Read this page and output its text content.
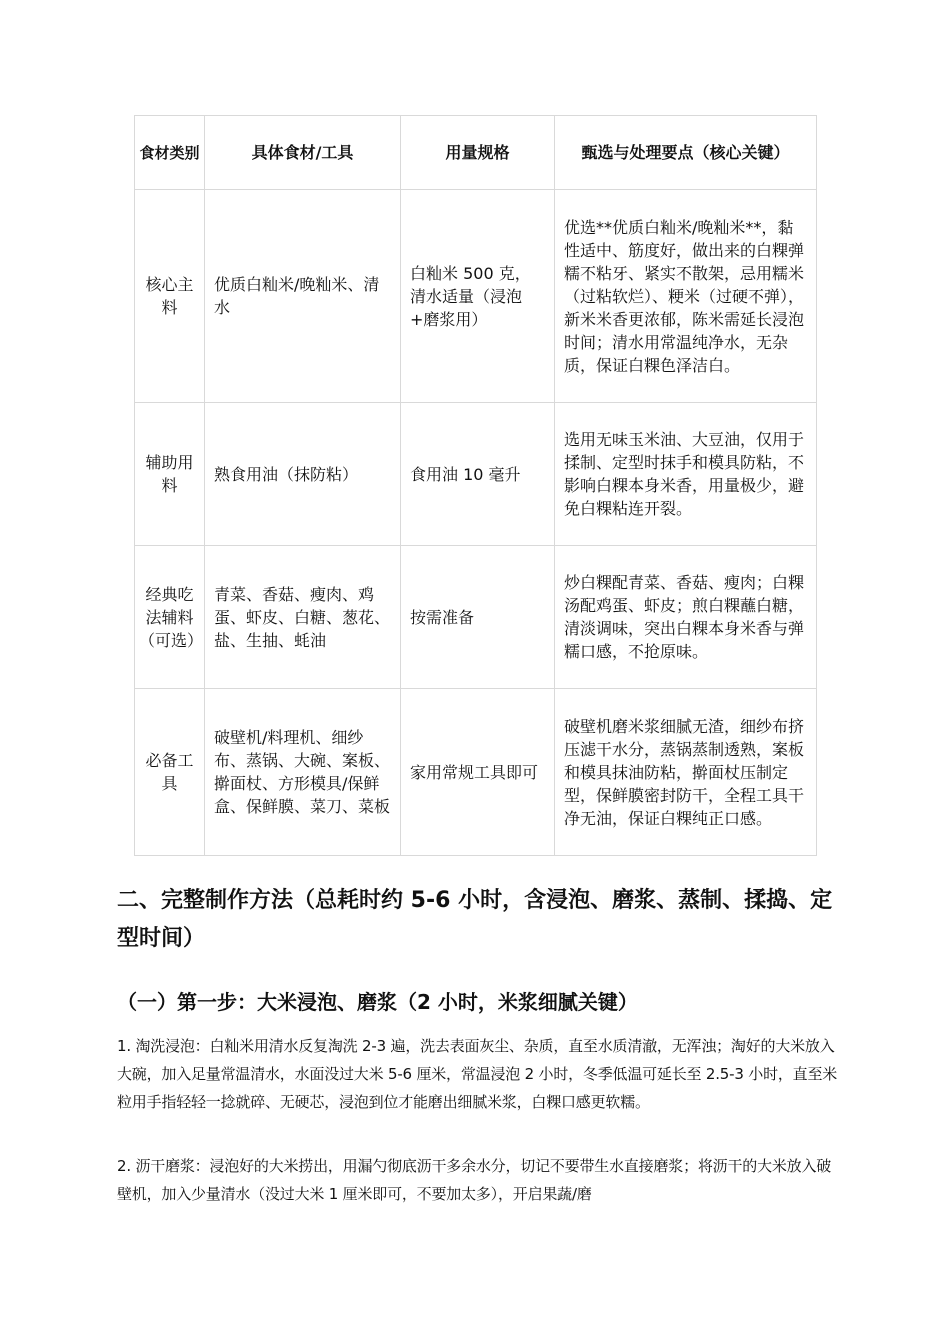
食材类别	具体食材/工具	用量规格	甄选与处理要点（核心关键）
核心主料	优质白籼米/晚籼米、清水	白籼米 500 克，清水适量（浸泡+磨浆用）	优选**优质白籼米/晚籼米**，黏性适中、筋度好，做出来的白粿弹糯不粘牙、紧实不散架，忌用糯米（过粘软烂）、粳米（过硬不弹），新米米香更浓郁，陈米需延长浸泡时间；清水用常温纯净水，无杂质，保证白粿色泽洁白。
辅助用料	熟食用油（抹防粘）	食用油 10 毫升	选用无味玉米油、大豆油，仅用于揉制、定型时抹手和模具防粘，不影响白粿本身米香，用量极少，避免白粿粘连开裂。
经典吃法辅料（可选）	青菜、香菇、瘦肉、鸡蛋、虾皮、白糖、葱花、盐、生抽、蚝油	按需准备	炒白粿配青菜、香菇、瘦肉；白粿汤配鸡蛋、虾皮；煎白粿蘸白糖，清淡调味，突出白粿本身米香与弹糯口感，不抢原味。
必备工具	破壁机/料理机、细纱布、蒸锅、大碗、案板、擀面杖、方形模具/保鲜盒、保鲜膜、菜刀、菜板	家用常规工具即可	破壁机磨米浆细腻无渣，细纱布挤压滤干水分，蒸锅蒸制透熟，案板和模具抹油防粘，擀面杖压制定型，保鲜膜密封防干，全程工具干净无油，保证白粿纯正口感。
二、完整制作方法（总耗时约 5-6 小时，含浸泡、磨浆、蒸制、揉捣、定型时间）
（一）第一步：大米浸泡、磨浆（2 小时，米浆细腻关键）

1. 淘洗浸泡：白籼米用清水反复淘洗 2-3 遍，洗去表面灰尘、杂质，直至水质清澈，无浑浊；淘好的大米放入大碗，加入足量常温清水，水面没过大米 5-6 厘米，常温浸泡 2 小时，冬季低温可延长至 2.5-3 小时，直至米粒用手指轻轻一捻就碎、无硬芯，浸泡到位才能磨出细腻米浆，白粿口感更软糯。

2. 沥干磨浆：浸泡好的大米捞出，用漏勺彻底沥干多余水分，切记不要带生水直接磨浆；将沥干的大米放入破壁机，加入少量清水（没过大米 1 厘米即可，不要加太多），开启果蔬/磨
